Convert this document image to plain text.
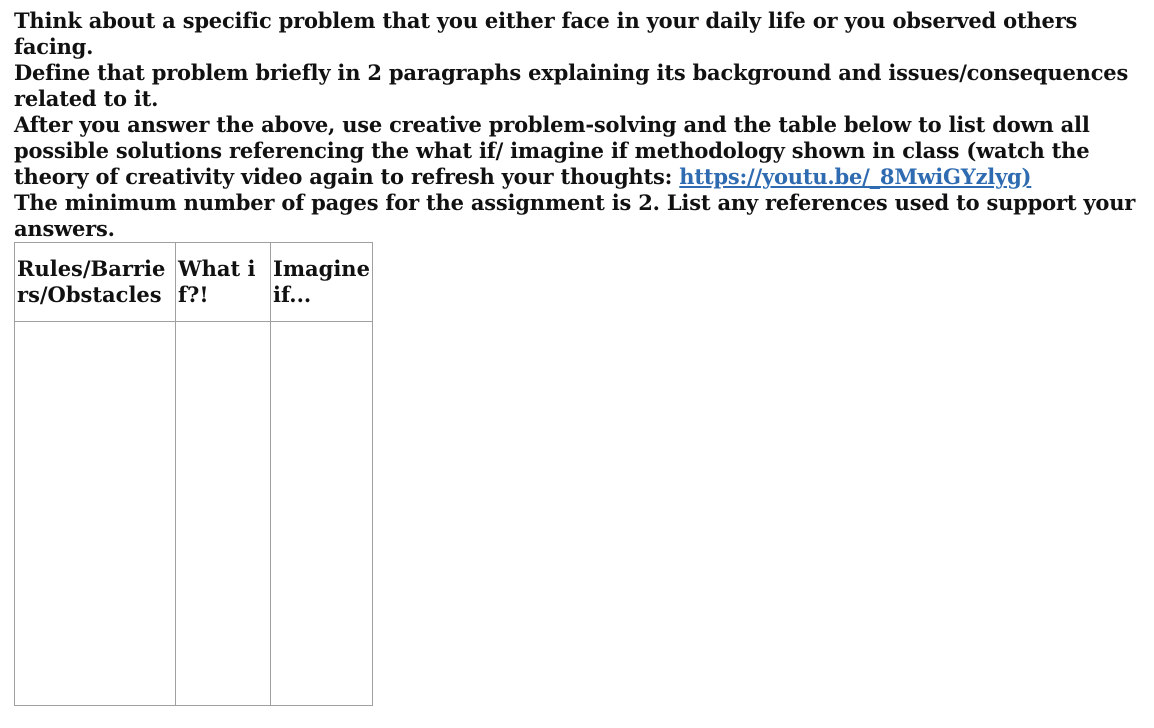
Think about a specific problem that you either face in your daily life or you observed others facing.

Define that problem briefly in 2 paragraphs explaining its background and issues/consequences related to it.

After you answer the above, use creative problem-solving and the table below to list down all possible solutions referencing the what if/ imagine if methodology shown in class (watch the theory of creativity video again to refresh your thoughts: https://youtu.be/_8MwiGYzlyg)

The minimum number of pages for the assignment is 2. List any references used to support your answers.

Rules/Barriers/Obstacles	What if?!	Imagine if...
